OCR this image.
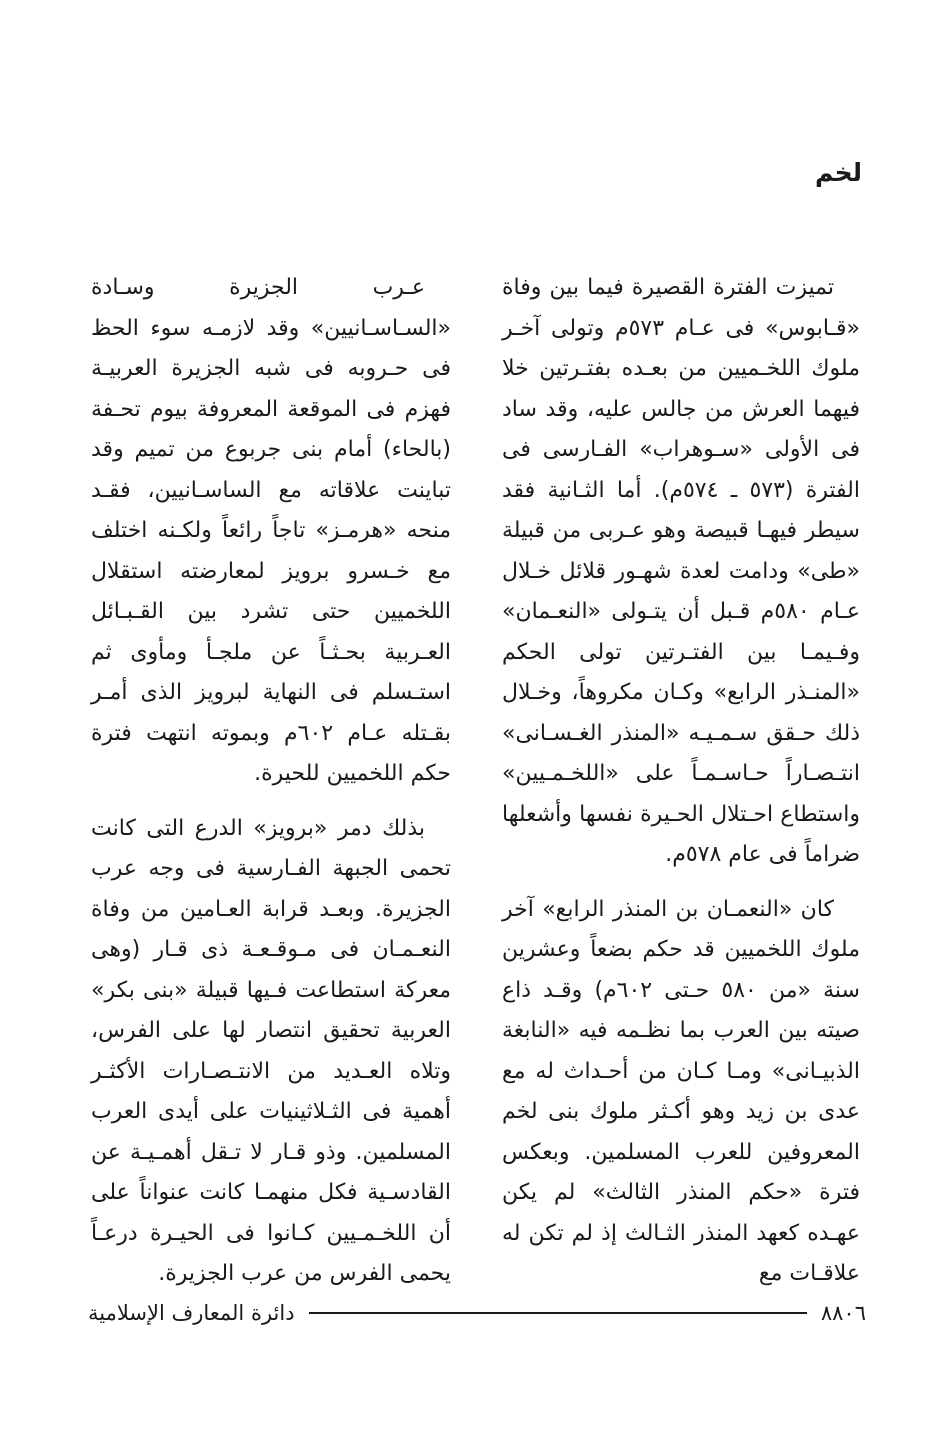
لخم

تميزت الفترة القصيرة فيما بين وفاة «قـابوس» فى عـام ٥٧٣م وتولى آخـر ملوك اللخـميين من بعـده بفتـرتين خلا فيهما العرش من جالس عليه، وقد ساد فى الأولى «سـوهراب» الفـارسى فى الفترة (٥٧٣ ـ ٥٧٤م). أما الثـانية فقد سيطر فيهـا قبيصة وهو عـربى من قبيلة «طى» ودامت لعدة شهـور قلائل خـلال عـام ٥٨٠م قـبل أن يتـولى «النعـمان» وفـيمـا بين الفتـرتين تولى الحكم «المنـذر الرابع» وكـان مكروهاً، وخـلال ذلك حـقق سـمـيـه «المنذر الغـسـانى» انتـصـاراً حـاسـمـاً على «اللخـمـيين» واستطاع احـتلال الحـيرة نفسها وأشعلها ضراماً فى عام ٥٧٨م.

كان «النعمـان بن المنذر الرابع» آخر ملوك اللخميين قد حكم بضعاً وعشرين سنة «من ٥٨٠ حـتى ٦٠٢م) وقـد ذاع صيته بين العرب بما نظـمه فيه «النابغة الذبيـانى» ومـا كـان من أحـداث له مع عدى بن زيد وهو أكـثر ملوك بنى لخم المعروفين للعرب المسلمين. وبعكس فترة «حكم المنذر الثالث» لم يكن عهـده كعهد المنذر الثـالث إذ لم تكن له علاقـات مع

عـرب الجزيرة وسـادة «السـاسـانيين» وقد لازمـه سوء الحظ فى حـروبه فى شبه الجزيرة العربيـة فهزم فى الموقعة المعروفة بيوم تحـفة (بالحاء) أمام بنى جربوع من تميم وقد تباينت علاقاته مع الساسـانيين، فقـد منحه «هرمـز» تاجاً رائعاً ولكـنه اختلف مع خـسرو برويز لمعارضته استقلال اللخميين حتى تشرد بين القـبـائل العـربية بحـثـاً عن ملجـأ ومأوى ثم استـسلم فى النهاية لبرويز الذى أمـر بقـتله عـام ٦٠٢م وبموته انتهت فترة حكم اللخميين للحيرة.

بذلك دمر «برويز» الدرع التى كانت تحمى الجبهة الفـارسية فى وجه عرب الجزيرة. وبعـد قرابة العـامين من وفاة النعـمـان فى مـوقـعـة ذى قـار (وهى معركة استطاعت فـيها قبيلة «بنى بكر» العربية تحقيق انتصار لها على الفرس، وتلاه العـديد من الانتـصـارات الأكثـر أهمية فى الثـلاثينيات على أيدى العرب المسلمين. وذو قـار لا تـقل أهمـيـة عن القادسـية فكل منهمـا كانت عنواناً على أن اللخـمـيين كـانوا فى الحيـرة درعـاً يحمى الفرس من عرب الجزيرة.

٨٨٠٦
دائرة المعارف الإسلامية
